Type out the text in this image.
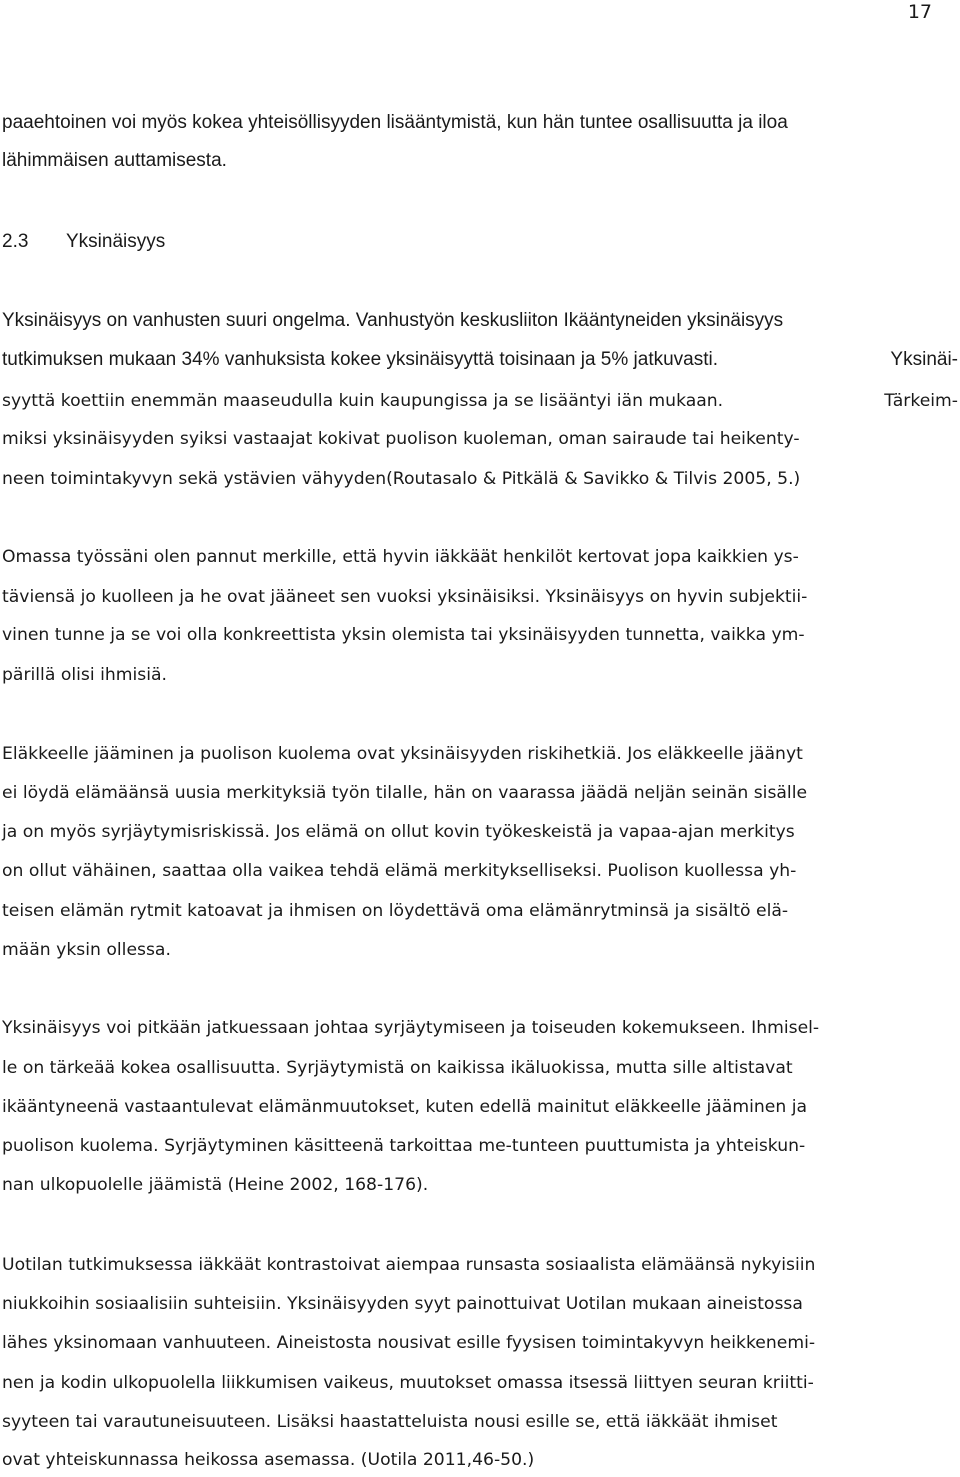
17
paaehtoinen voi myös kokea yhteisöllisyyden lisääntymistä, kun hän tuntee osallisuutta ja iloa
lähimmäisen auttamisesta.
2.3 Yksinäisyys
Yksinäisyys on vanhusten suuri ongelma. Vanhustyön keskusliiton Ikääntyneiden yksinäisyys
tutkimuksen mukaan 34% vanhuksista kokee yksinäisyyttä toisinaan ja 5% jatkuvasti.	Yksinäi-
syyttä koettiin enemmän maaseudulla kuin kaupungissa ja se lisääntyi iän mukaan.	Tärkeim-
miksi yksinäisyyden syiksi vastaajat kokivat puolison kuoleman, oman sairaude tai heikenty-
neen toimintakyvyn sekä ystävien vähyyden(Routasalo & Pitkälä & Savikko & Tilvis 2005, 5.)
Omassa työssäni olen pannut merkille, että hyvin iäkkäät henkilöt kertovat jopa kaikkien ys-
täviensä jo kuolleen ja he ovat jääneet sen vuoksi yksinäisiksi. Yksinäisyys on hyvin subjektii-
vinen tunne ja se voi olla konkreettista yksin olemista tai yksinäisyyden tunnetta, vaikka ym-
pärillä olisi ihmisiä.
Eläkkeelle jääminen ja puolison kuolema ovat yksinäisyyden riskihetkiä. Jos eläkkeelle jäänyt
ei löydä elämäänsä uusia merkityksiä työn tilalle, hän on vaarassa jäädä neljän seinän sisälle
ja on myös syrjäytymisriskissä. Jos elämä on ollut kovin työkeskeistä ja vapaa-ajan merkitys
on ollut vähäinen, saattaa olla vaikea tehdä elämä merkitykselliseksi. Puolison kuollessa yh-
teisen elämän rytmit katoavat ja ihmisen on löydettävä oma elämänrytminsä ja sisältö elä-
mään yksin ollessa.
Yksinäisyys voi pitkään jatkuessaan johtaa syrjäytymiseen ja toiseuden kokemukseen. Ihmisel-
le on tärkeää kokea osallisuutta. Syrjäytymistä on kaikissa ikäluokissa, mutta sille altistavat
ikääntyneenä vastaantulevat elämänmuutokset, kuten edellä mainitut eläkkeelle jääminen ja
puolison kuolema. Syrjäytyminen käsitteenä tarkoittaa me-tunteen puuttumista ja yhteiskun-
nan ulkopuolelle jäämistä (Heine 2002, 168-176).
Uotilan tutkimuksessa iäkkäät kontrastoivat aiempaa runsasta sosiaalista elämäänsä nykyisiin
niukkoihin sosiaalisiin suhteisiin. Yksinäisyyden syyt painottuivat Uotilan mukaan aineistossa
lähes yksinomaan vanhuuteen. Aineistosta nousivat esille fyysisen toimintakyvyn heikkenemi-
nen ja kodin ulkopuolella liikkumisen vaikeus, muutokset omassa itsessä liittyen seuran kriitti-
syyteen tai varautuneisuuteen. Lisäksi haastatteluista nousi esille se, että iäkkäät ihmiset
ovat yhteiskunnassa heikossa asemassa. (Uotila 2011,46-50.)
